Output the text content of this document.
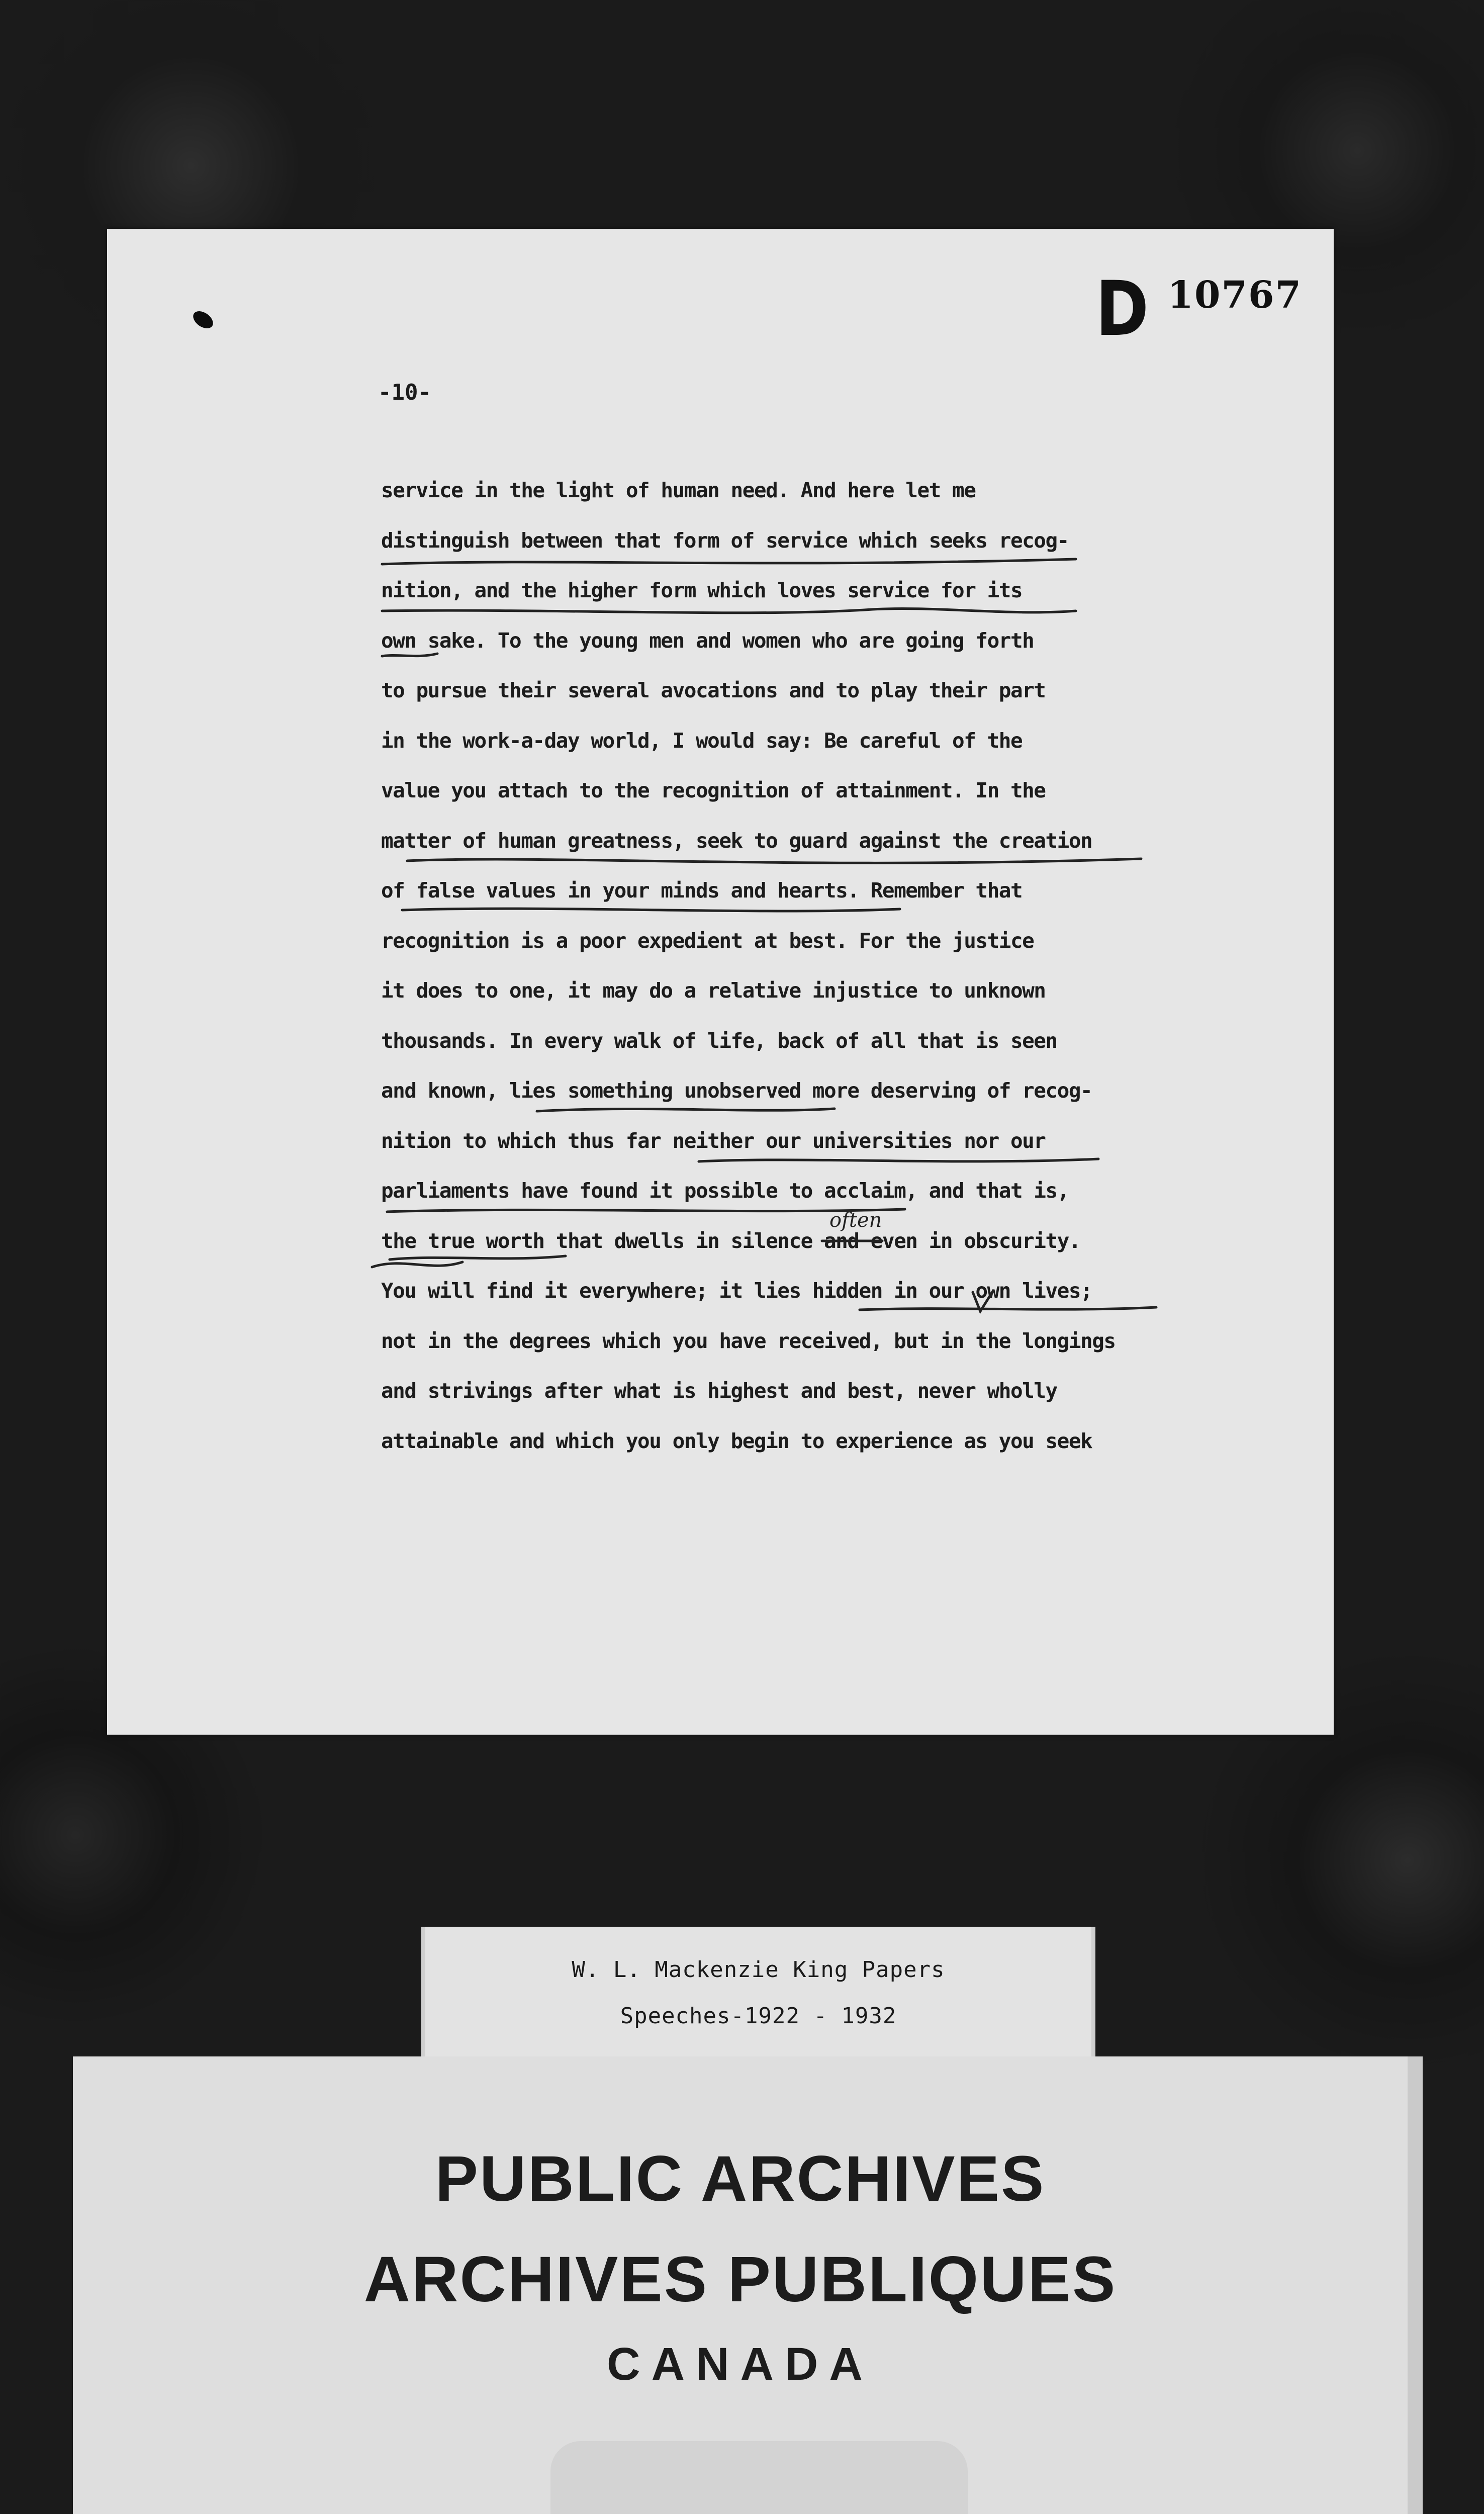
D 10767
-10-
service in the light of human need. And here let me
distinguish between that form of service which seeks recog-
nition, and the higher form which loves service for its
own sake. To the young men and women who are going forth
to pursue their several avocations and to play their part
in the work-a-day world, I would say: Be careful of the
value you attach to the recognition of attainment. In the
matter of human greatness, seek to guard against the creation
of false values in your minds and hearts. Remember that
recognition is a poor expedient at best. For the justice
it does to one, it may do a relative injustice to unknown
thousands. In every walk of life, back of all that is seen
and known, lies something unobserved more deserving of recog-
nition to which thus far neither our universities nor our
parliaments have found it possible to acclaim, and that is,
the true worth that dwells in silence and even in obscurity.
You will find it everywhere; it lies hidden in our own lives;
not in the degrees which you have received, but in the longings
and strivings after what is highest and best, never wholly
attainable and which you only begin to experience as you seek
often
W. L. Mackenzie King Papers
Speeches-1922 - 1932
PUBLIC ARCHIVES
ARCHIVES PUBLIQUES
CANADA
